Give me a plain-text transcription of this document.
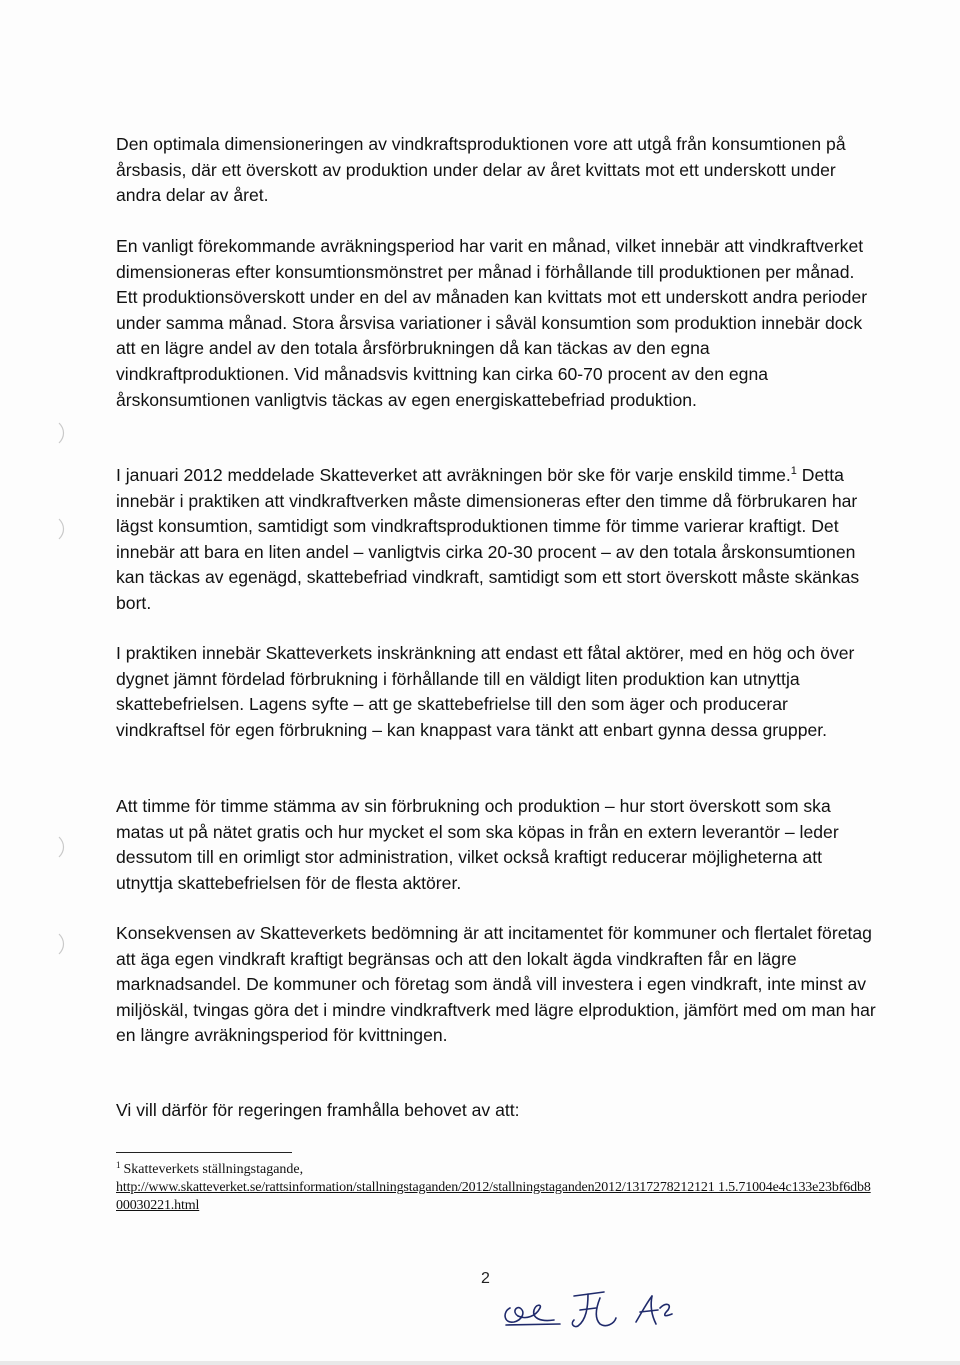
Den optimala dimensioneringen av vindkraftsproduktionen vore att utgå från konsumtionen på årsbasis, där ett överskott av produktion under delar av året kvittats mot ett underskott under andra delar av året.

En vanligt förekommande avräkningsperiod har varit en månad, vilket innebär att vindkraftverket dimensioneras efter konsumtionsmönstret per månad i förhållande till produktionen per månad. Ett produktionsöverskott under en del av månaden kan kvittats mot ett underskott andra perioder under samma månad. Stora årsvisa variationer i såväl konsumtion som produktion innebär dock att en lägre andel av den totala årsförbrukningen då kan täckas av den egna vindkraftproduktionen. Vid månadsvis kvittning kan cirka 60-70 procent av den egna årskonsumtionen vanligtvis täckas av egen energiskattebefriad produktion.

I januari 2012 meddelade Skatteverket att avräkningen bör ske för varje enskild timme.$^1$ Detta innebär i praktiken att vindkraftverken måste dimensioneras efter den timme då förbrukaren har lägst konsumtion, samtidigt som vindkraftsproduktionen timme för timme varierar kraftigt. Det innebär att bara en liten andel – vanligtvis cirka 20-30 procent – av den totala årskonsumtionen kan täckas av egenägd, skattebefriad vindkraft, samtidigt som ett stort överskott måste skänkas bort.

I praktiken innebär Skatteverkets inskränkning att endast ett fåtal aktörer, med en hög och över dygnet jämnt fördelad förbrukning i förhållande till en väldigt liten produktion kan utnyttja skattebefrielsen. Lagens syfte – att ge skattebefrielse till den som äger och producerar vindkraftsel för egen förbrukning – kan knappast vara tänkt att enbart gynna dessa grupper.

Att timme för timme stämma av sin förbrukning och produktion – hur stort överskott som ska matas ut på nätet gratis och hur mycket el som ska köpas in från en extern leverantör – leder dessutom till en orimligt stor administration, vilket också kraftigt reducerar möjligheterna att utnyttja skattebefrielsen för de flesta aktörer.

Konsekvensen av Skatteverkets bedömning är att incitamentet för kommuner och flertalet företag att äga egen vindkraft kraftigt begränsas och att den lokalt ägda vindkraften får en lägre marknadsandel. De kommuner och företag som ändå vill investera i egen vindkraft, inte minst av miljöskäl, tvingas göra det i mindre vindkraftverk med lägre elproduktion, jämfört med om man har en längre avräkningsperiod för kvittningen.

Vi vill därför för regeringen framhålla behovet av att:

$^1$ Skatteverkets ställningstagande,
http://www.skatteverket.se/rattsinformation/stallningstaganden/2012/stallningstaganden2012/1317278212121 1.5.71004e4c133e23bf6db800030221.html
2
